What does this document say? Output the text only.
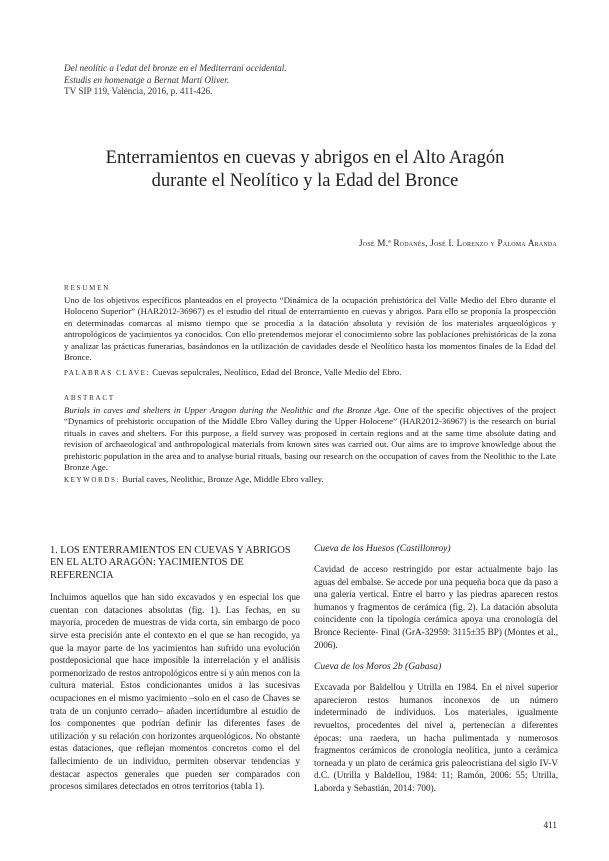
Del neolític a l'edat del bronze en el Mediterrani occidental.
Estudis en homenatge a Bernat Martí Oliver.
TV SIP 119, València, 2016, p. 411-426.
Enterramientos en cuevas y abrigos en el Alto Aragón
durante el Neolítico y la Edad del Bronce
José M.ª Rodanés, José I. Lorenzo y Paloma Aranda
RESUMEN
Uno de los objetivos específicos planteados en el proyecto “Dinámica de la ocupación prehistórica del Valle Medio del Ebro durante el Holoceno Superior” (HAR2012-36967) es el estudio del ritual de enterramiento en cuevas y abrigos. Para ello se proponía la prospección en determinadas comarcas al mismo tiempo que se procedía a la datación absoluta y revisión de los materiales arqueológicos y antropológicos de yacimientos ya conocidos. Con ello pretendemos mejorar el conocimiento sobre las poblaciones prehistóricas de la zona y analizar las prácticas funerarias, basándonos en la utilización de cavidades desde el Neolítico hasta los momentos finales de la Edad del Bronce.
PALABRAS CLAVE: Cuevas sepulcrales, Neolítico, Edad del Bronce, Valle Medio del Ebro.
ABSTRACT
Burials in caves and shelters in Upper Aragon during the Neolithic and the Bronze Age. One of the specific objectives of the project “Dynamics of prehistoric occupation of the Middle Ebro Valley during the Upper Holocene” (HAR2012-36967) is the research on burial rituals in caves and shelters. For this purpose, a field survey was proposed in certain regions and at the same time absolute dating and revision of archaeological and anthropological materials from known sites was carried out. Our aims are to improve knowledge about the prehistoric population in the area and to analyse burial rituals, basing our research on the occupation of caves from the Neolithic to the Late Bronze Age.
KEYWORDS: Burial caves, Neolithic, Bronze Age, Middle Ebro valley.
1. LOS ENTERRAMIENTOS EN CUEVAS Y ABRIGOS EN EL ALTO ARAGÓN: YACIMIENTOS DE REFERENCIA
Incluimos aquellos que han sido excavados y en especial los que cuentan con dataciones absolutas (fig. 1). Las fechas, en su mayoría, proceden de muestras de vida corta, sin embargo de poco sirve esta precisión ante el contexto en el que se han recogido, ya que la mayor parte de los yacimientos han sufrido una evolución postdeposicional que hace imposible la interrelación y el análisis pormenorizado de restos antropológicos entre sí y aún menos con la cultura material. Estos condicionantes unidos a las sucesivas ocupaciones en el mismo yacimiento –solo en el caso de Chaves se trata de un conjunto cerrado– añaden incertidumbre al estudio de los componentes que podrían definir las diferentes fases de utilización y su relación con horizontes arqueológicos. No obstante estas dataciones, que reflejan momentos concretos como el del fallecimiento de un individuo, permiten observar tendencias y destacar aspectos generales que pueden ser comparados con procesos similares detectados en otros territorios (tabla 1).
Cueva de los Huesos (Castillonroy)
Cavidad de acceso restringido por estar actualmente bajo las aguas del embalse. Se accede por una pequeña boca que da paso a una galería vertical. Entre el barro y las piedras aparecen restos humanos y fragmentos de cerámica (fig. 2). La datación absoluta coincidente con la tipología cerámica apoya una cronología del Bronce Reciente- Final (GrA-32959: 3115±35 BP) (Montes et al., 2006).
Cueva de los Moros 2b (Gabasa)
Excavada por Baldellou y Utrilla en 1984. En el nivel superior aparecieron restos humanos inconexos de un número indeterminado de individuos. Los materiales, igualmente revueltos, procedentes del nivel a, pertenecían a diferentes épocas: una raedera, un hacha pulimentada y numerosos fragmentos cerámicos de cronología neolítica, junto a cerámica torneada y un plato de cerámica gris paleocristiana del siglo IV-V d.C. (Utrilla y Baldellou, 1984: 11; Ramón, 2006: 55; Utrilla, Laborda y Sebastián, 2014: 700).
411
